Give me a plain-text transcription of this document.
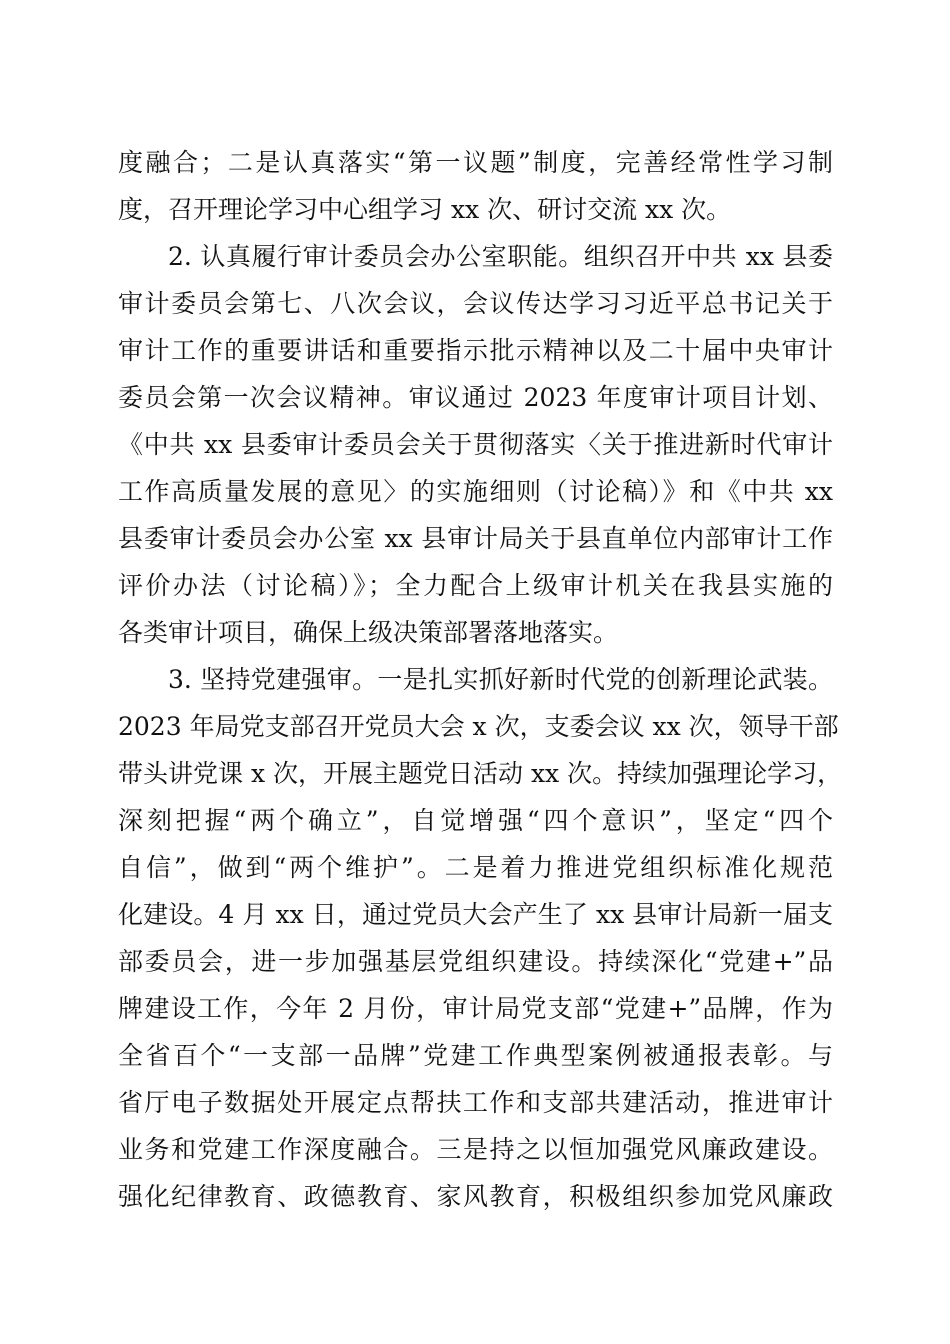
度融合；二是认真落实“第一议题”制度，完善经常性学习制
度，召开理论学习中心组学习 xx 次、研讨交流 xx 次。
2. 认真履行审计委员会办公室职能。组织召开中共 xx 县委
审计委员会第七、八次会议，会议传达学习习近平总书记关于
审计工作的重要讲话和重要指示批示精神以及二十届中央审计
委员会第一次会议精神。审议通过 2023 年度审计项目计划、
《中共 xx 县委审计委员会关于贯彻落实〈关于推进新时代审计
工作高质量发展的意见〉的实施细则（讨论稿）》和《中共 xx
县委审计委员会办公室 xx 县审计局关于县直单位内部审计工作
评价办法（讨论稿）》；全力配合上级审计机关在我县实施的
各类审计项目，确保上级决策部署落地落实。
3. 坚持党建强审。一是扎实抓好新时代党的创新理论武装。
2023 年局党支部召开党员大会 x 次，支委会议 xx 次，领导干部
带头讲党课 x 次，开展主题党日活动 xx 次。持续加强理论学习，
深刻把握“两个确立”，自觉增强“四个意识”，坚定“四个
自信”，做到“两个维护”。二是着力推进党组织标准化规范
化建设。4 月 xx 日，通过党员大会产生了 xx 县审计局新一届支
部委员会，进一步加强基层党组织建设。持续深化“党建+”品
牌建设工作，今年 2 月份，审计局党支部“党建+”品牌，作为
全省百个“一支部一品牌”党建工作典型案例被通报表彰。与
省厅电子数据处开展定点帮扶工作和支部共建活动，推进审计
业务和党建工作深度融合。三是持之以恒加强党风廉政建设。
强化纪律教育、政德教育、家风教育，积极组织参加党风廉政
